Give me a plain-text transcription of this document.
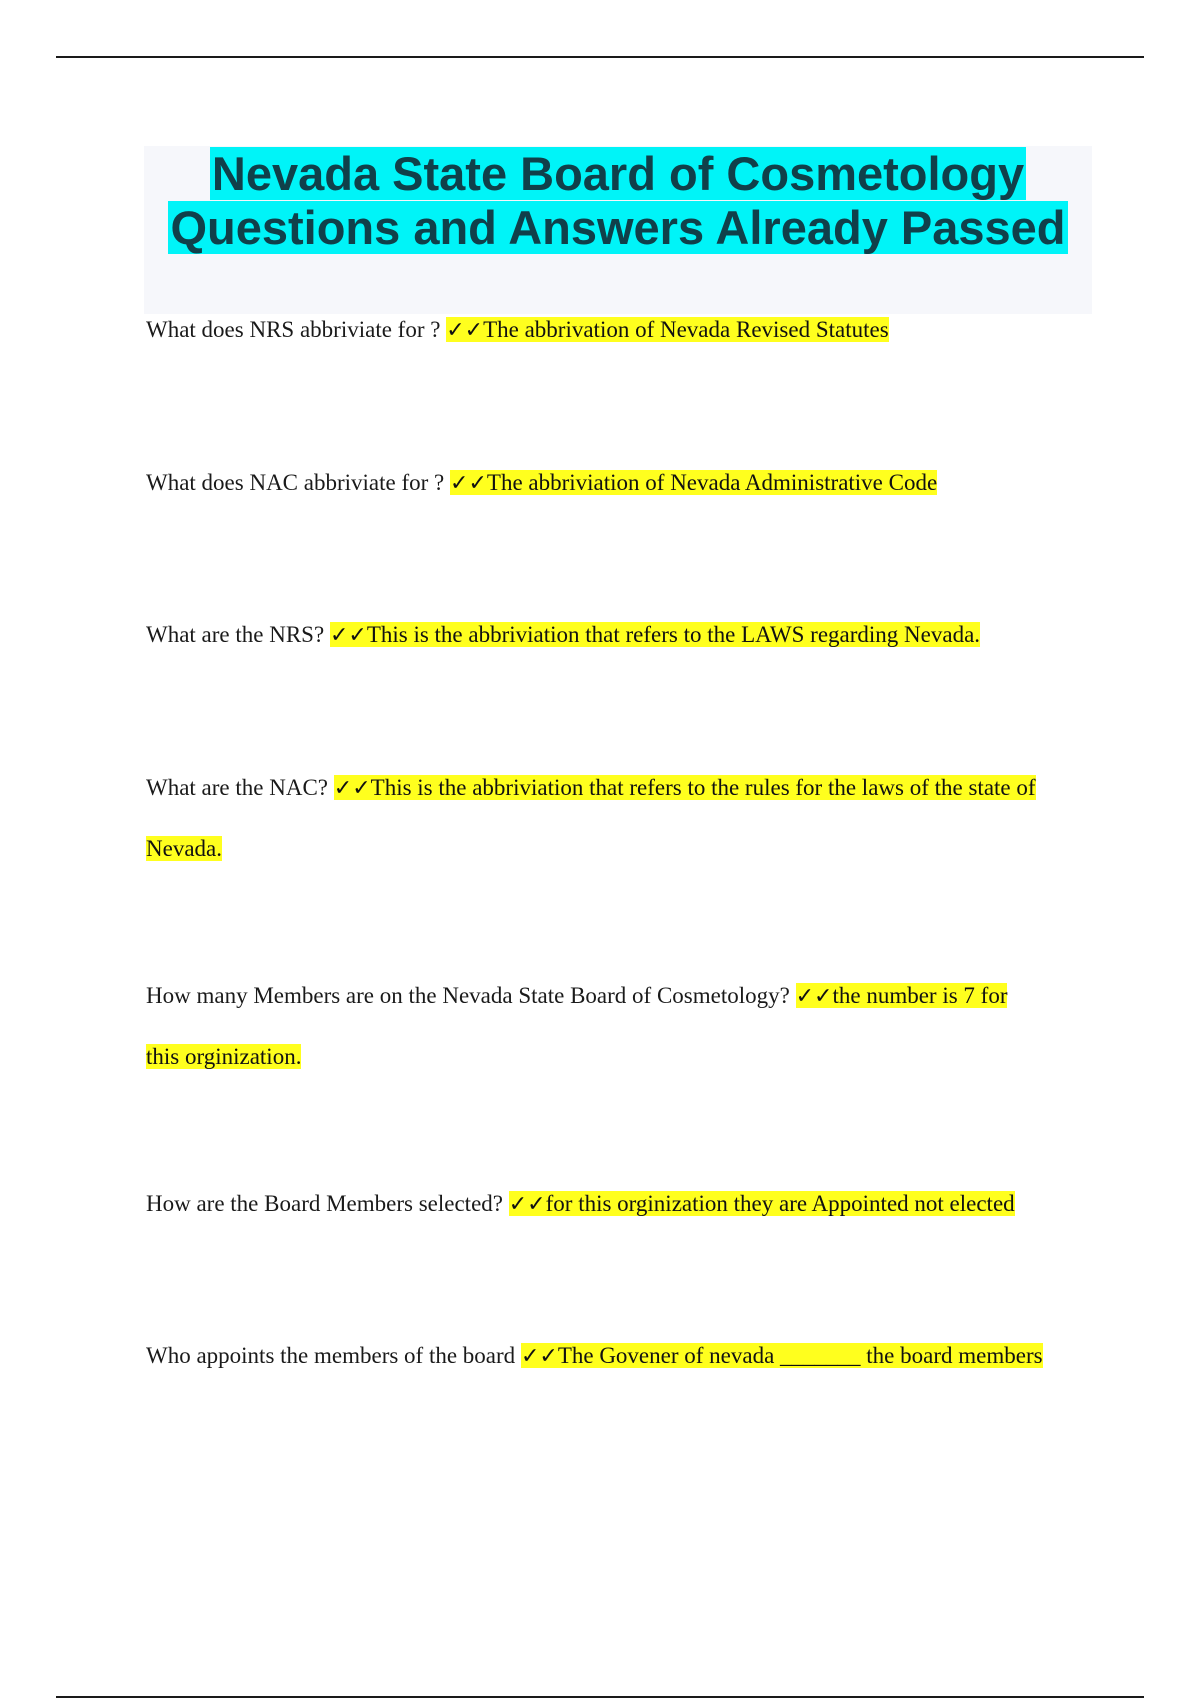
Nevada State Board of Cosmetology
Questions and Answers Already Passed
What does NRS abbriviate for ? ✓✓The abbrivation of Nevada Revised Statutes
What does NAC abbriviate for ? ✓✓The abbriviation of Nevada Administrative Code
What are the NRS? ✓✓This is the abbriviation that refers to the LAWS regarding Nevada.
What are the NAC? ✓✓This is the abbriviation that refers to the rules for the laws of the state of
Nevada.
How many Members are on the Nevada State Board of Cosmetology? ✓✓the number is 7 for
this orginization.
How are the Board Members selected? ✓✓for this orginization they are Appointed not elected
Who appoints the members of the board ✓✓The Govener of nevada _______ the board members
